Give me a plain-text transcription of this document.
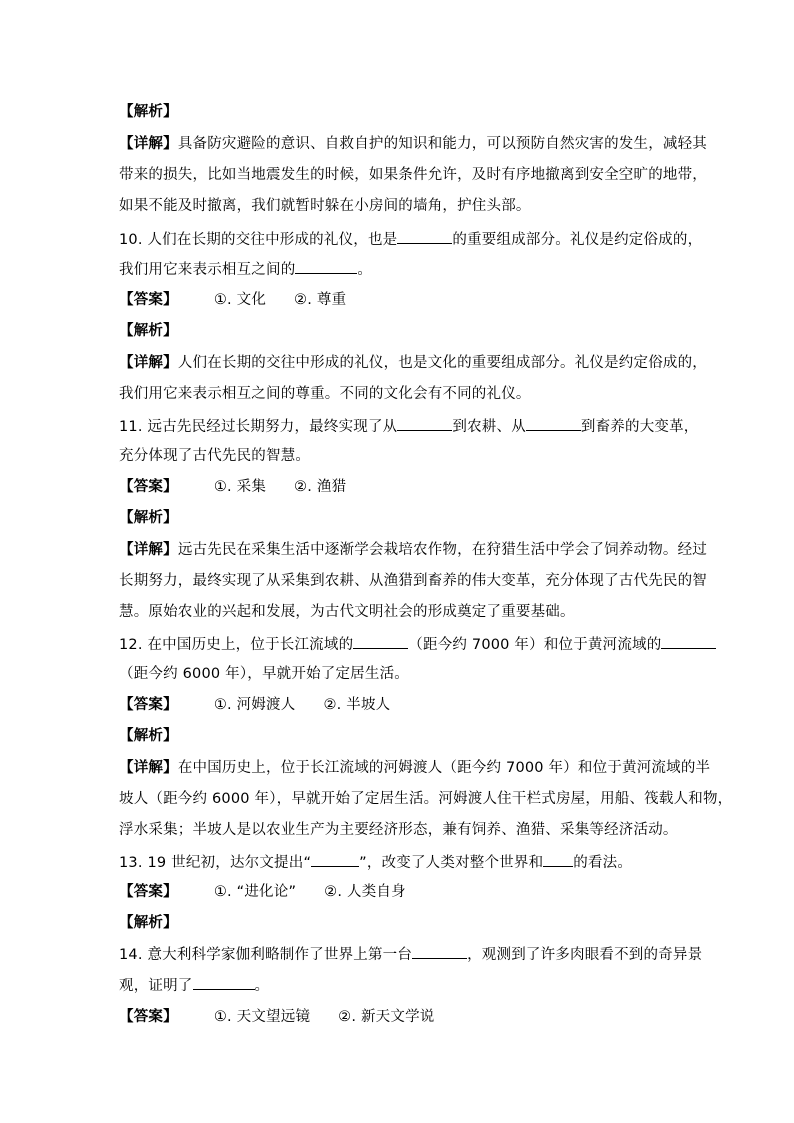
【解析】
【详解】具备防灾避险的意识、自救自护的知识和能力，可以预防自然灾害的发生，减轻其
带来的损失，比如当地震发生的时候，如果条件允许，及时有序地撤离到安全空旷的地带，
如果不能及时撤离，我们就暂时躲在小房间的墙角，护住头部。
10. 人们在长期的交往中形成的礼仪，也是	的重要组成部分。礼仪是约定俗成的，
我们用它来表示相互之间的	。
【答案】 ①. 文化 ②. 尊重
【解析】
【详解】人们在长期的交往中形成的礼仪，也是文化的重要组成部分。礼仪是约定俗成的，
我们用它来表示相互之间的尊重。不同的文化会有不同的礼仪。
11. 远古先民经过长期努力，最终实现了从	到农耕、从	到畜养的大变革，
充分体现了古代先民的智慧。
【答案】 ①. 采集 ②. 渔猎
【解析】
【详解】远古先民在采集生活中逐渐学会栽培农作物，在狩猎生活中学会了饲养动物。经过
长期努力，最终实现了从采集到农耕、从渔猎到畜养的伟大变革，充分体现了古代先民的智
慧。原始农业的兴起和发展，为古代文明社会的形成奠定了重要基础。
12. 在中国历史上，位于长江流域的	（距今约 7000 年）和位于黄河流域的
（距今约 6000 年），早就开始了定居生活。
【答案】 ①. 河姆渡人 ②. 半坡人
【解析】
【详解】在中国历史上，位于长江流域的河姆渡人（距今约 7000 年）和位于黄河流域的半
坡人（距今约 6000 年），早就开始了定居生活。河姆渡人住干栏式房屋，用船、筏载人和物，
浮水采集；半坡人是以农业生产为主要经济形态，兼有饲养、渔猎、采集等经济活动。
13. 19 世纪初，达尔文提出“	”，改变了人类对整个世界和 的看法。
【答案】 ①. “进化论” ②. 人类自身
【解析】
14. 意大利科学家伽利略制作了世界上第一台	，观测到了许多肉眼看不到的奇异景
观，证明了	。
【答案】 ①. 天文望远镜 ②. 新天文学说
